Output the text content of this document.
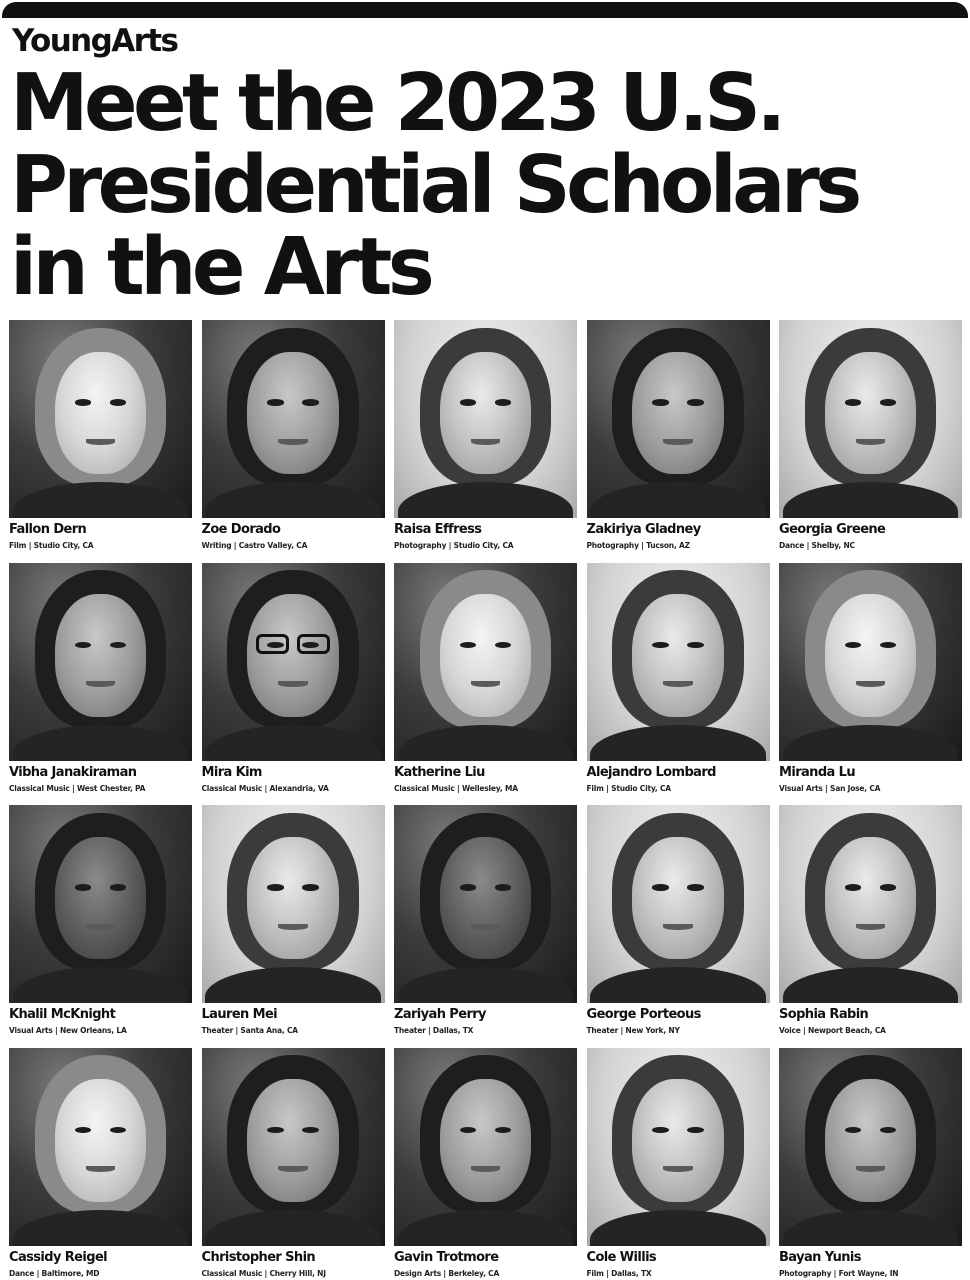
YoungArts
Meet the 2023 U.S.
Presidential Scholars
in the Arts
Fallon Dern
Film | Studio City, CA
Zoe Dorado
Writing | Castro Valley, CA
Raisa Effress
Photography | Studio City, CA
Zakiriya Gladney
Photography | Tucson, AZ
Georgia Greene
Dance | Shelby, NC
Vibha Janakiraman
Classical Music | West Chester, PA
Mira Kim
Classical Music | Alexandria, VA
Katherine Liu
Classical Music | Wellesley, MA
Alejandro Lombard
Film | Studio City, CA
Miranda Lu
Visual Arts | San Jose, CA
Khalil McKnight
Visual Arts | New Orleans, LA
Lauren Mei
Theater | Santa Ana, CA
Zariyah Perry
Theater | Dallas, TX
George Porteous
Theater | New York, NY
Sophia Rabin
Voice | Newport Beach, CA
Cassidy Reigel
Dance | Baltimore, MD
Christopher Shin
Classical Music | Cherry Hill, NJ
Gavin Trotmore
Design Arts | Berkeley, CA
Cole Willis
Film | Dallas, TX
Bayan Yunis
Photography | Fort Wayne, IN
